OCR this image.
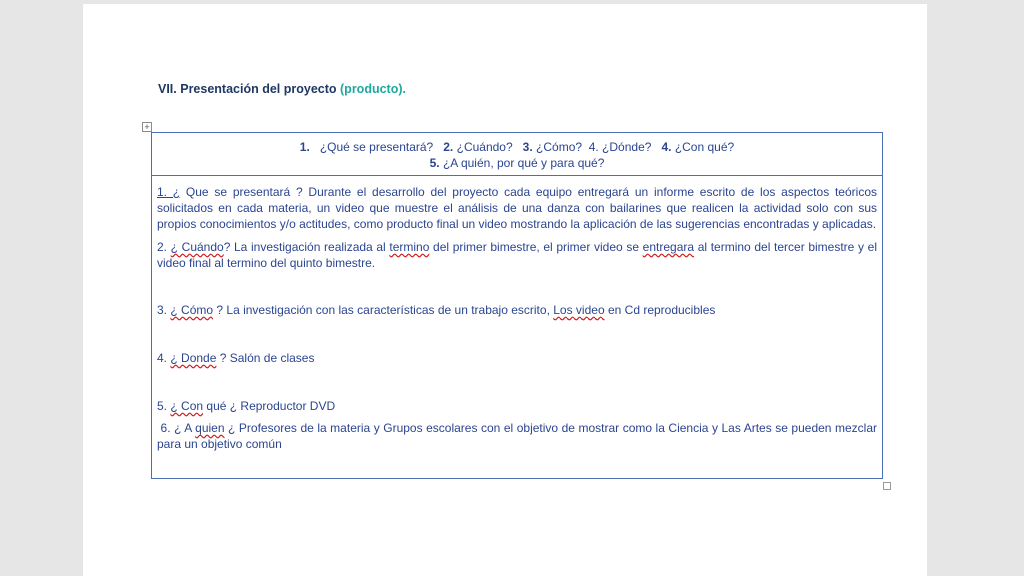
VII. Presentación del proyecto (producto).
+
1. ¿Qué se presentará? 2. ¿Cuándo? 3. ¿Cómo? 4. ¿Dónde? 4. ¿Con qué?
5. ¿A quién, por qué y para qué?

1. ¿ Que se presentará ? Durante el desarrollo del proyecto cada equipo entregará un informe escrito de los aspectos teóricos solicitados en cada materia, un video que muestre el análisis de una danza con bailarines que realicen la actividad solo con sus propios conocimientos y/o actitudes, como producto final un video mostrando la aplicación de las sugerencias encontradas y aplicadas.

2. ¿ Cuándo? La investigación realizada al termino del primer bimestre, el primer video se entregara al termino del tercer bimestre y el video final al termino del quinto bimestre.

3. ¿ Cómo ? La investigación con las características de un trabajo escrito, Los video en Cd reproducibles

4. ¿ Donde ? Salón de clases

5. ¿ Con qué ¿ Reproductor DVD

6. ¿ A quien ¿ Profesores de la materia y Grupos escolares con el objetivo de mostrar como la Ciencia y Las Artes se pueden mezclar para un objetivo común
